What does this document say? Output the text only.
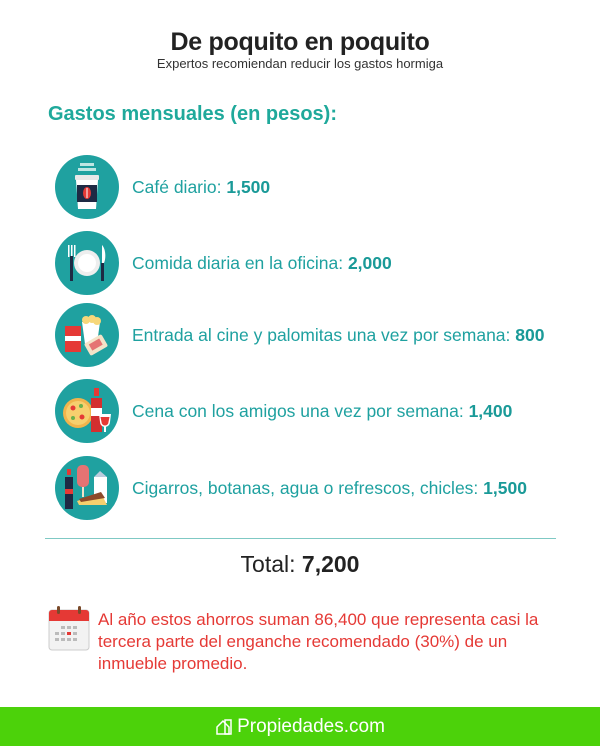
De poquito en poquito
Expertos recomiendan reducir los gastos hormiga
Gastos mensuales (en pesos):
Café diario: 1,500
Comida diaria en la oficina: 2,000
Entrada al cine y palomitas una vez por semana: 800
Cena con los amigos una vez por semana: 1,400
Cigarros, botanas, agua o refrescos, chicles: 1,500
Total: 7,200
Al año estos ahorros suman 86,400 que representa casi la tercera parte del enganche recomendado (30%) de un inmueble promedio.
Propiedades.com
